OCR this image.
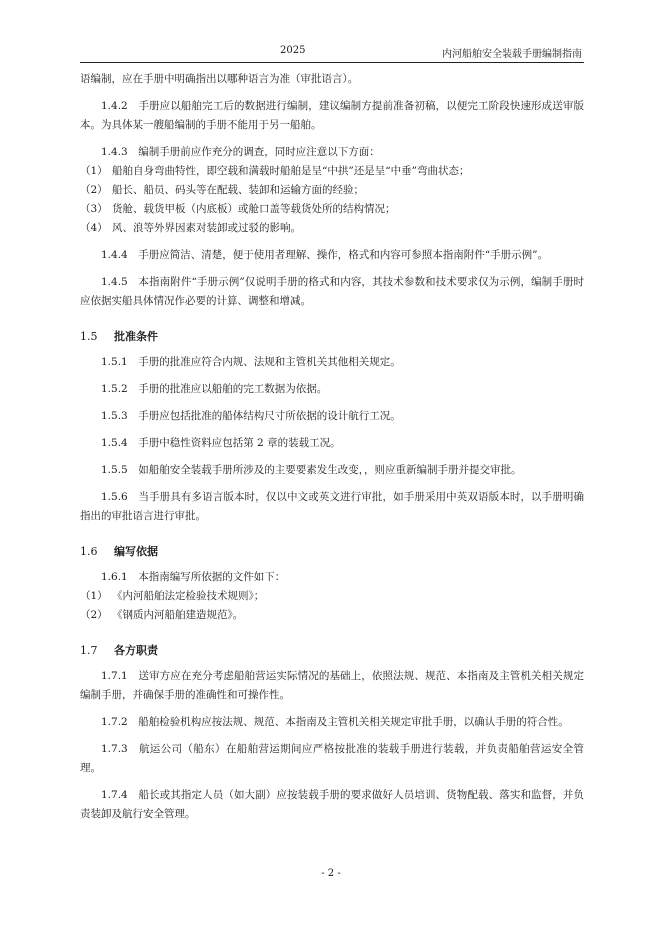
2025	内河船舶安全装载手册编制指南

语编制，应在手册中明确指出以哪种语言为准（审批语言）。

1.4.2　手册应以船舶完工后的数据进行编制，建议编制方提前准备初稿，以便完工阶段快速形成送审版本。为具体某一艘船编制的手册不能用于另一船舶。

1.4.3　编制手册前应作充分的调查，同时应注意以下方面：

（1） 船舶自身弯曲特性，即空载和满载时船舶是呈“中拱”还是呈“中垂”弯曲状态；

（2） 船长、船员、码头等在配载、装卸和运输方面的经验；

（3） 货舱、载货甲板（内底板）或舱口盖等载货处所的结构情况；

（4） 风、浪等外界因素对装卸或过驳的影响。

1.4.4　手册应简洁、清楚，便于使用者理解、操作，格式和内容可参照本指南附件“手册示例”。

1.4.5　本指南附件“手册示例”仅说明手册的格式和内容，其技术参数和技术要求仅为示例，编制手册时应依据实船具体情况作必要的计算、调整和增减。

1.5 批准条件

1.5.1　手册的批准应符合内规、法规和主管机关其他相关规定。

1.5.2　手册的批准应以船舶的完工数据为依据。

1.5.3　手册应包括批准的船体结构尺寸所依据的设计航行工况。

1.5.4　手册中稳性资料应包括第 2 章的装载工况。

1.5.5　如船舶安全装载手册所涉及的主要要素发生改变，，则应重新编制手册并提交审批。

1.5.6　当手册具有多语言版本时，仅以中文或英文进行审批，如手册采用中英双语版本时，以手册明确指出的审批语言进行审批。

1.6 编写依据

1.6.1　本指南编写所依据的文件如下：

（1） 《内河船舶法定检验技术规则》；

（2） 《钢质内河船舶建造规范》。

1.7 各方职责

1.7.1　送审方应在充分考虑船舶营运实际情况的基础上，依照法规、规范、本指南及主管机关相关规定编制手册，并确保手册的准确性和可操作性。

1.7.2　船舶检验机构应按法规、规范、本指南及主管机关相关规定审批手册，以确认手册的符合性。

1.7.3　航运公司（船东）在船舶营运期间应严格按批准的装载手册进行装载，并负责船舶营运安全管理。

1.7.4　船长或其指定人员（如大副）应按装载手册的要求做好人员培训、货物配载、落实和监督，并负责装卸及航行安全管理。

- 2 -
